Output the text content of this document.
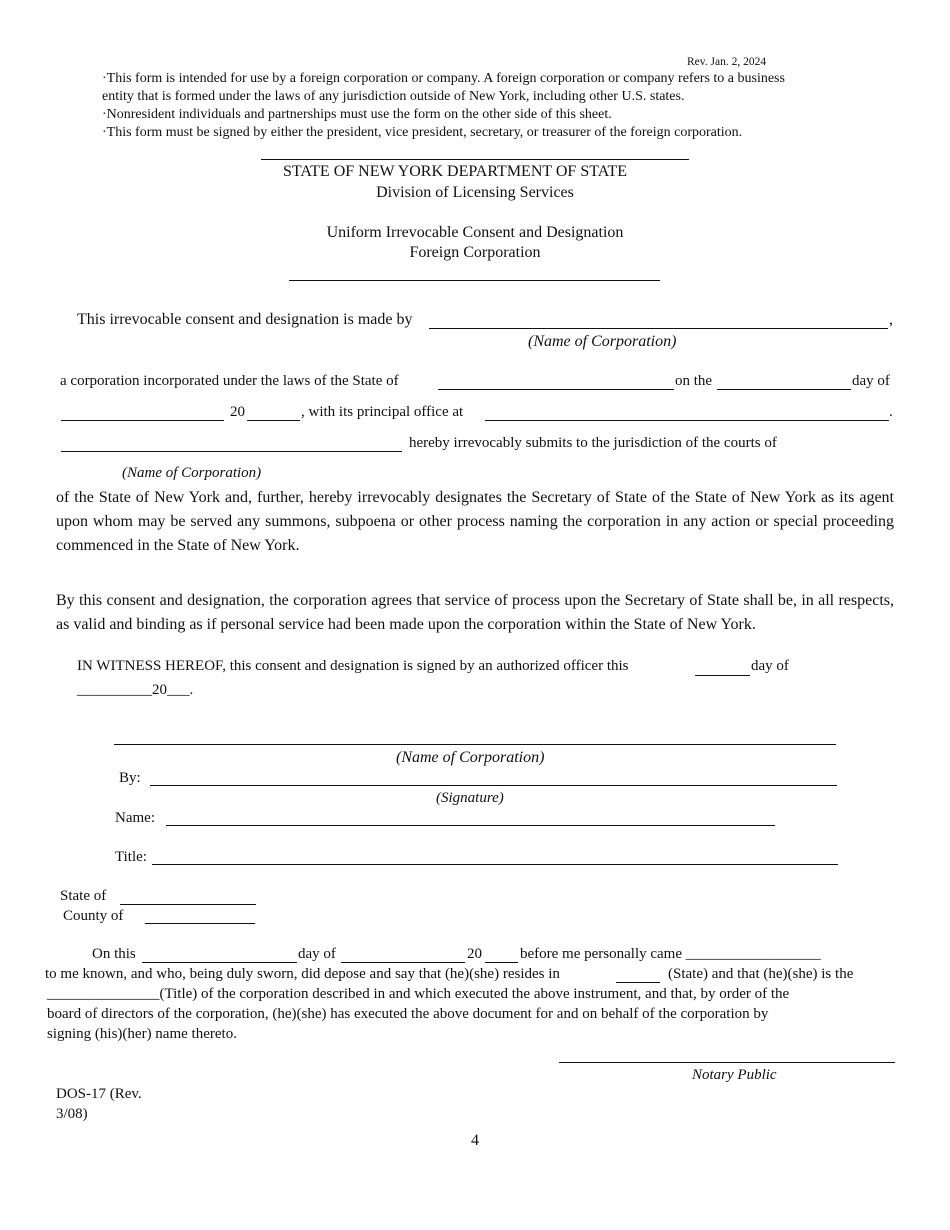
Rev. Jan. 2, 2024
·This form is intended for use by a foreign corporation or company. A foreign corporation or company refers to a business
entity that is formed under the laws of any jurisdiction outside of New York, including other U.S. states.
·Nonresident individuals and partnerships must use the form on the other side of this sheet.
·This form must be signed by either the president, vice president, secretary, or treasurer of the foreign corporation.
STATE OF NEW YORK DEPARTMENT OF STATE
Division of Licensing Services
Uniform Irrevocable Consent and Designation
Foreign Corporation
This irrevocable consent and designation is made by	,
(Name of Corporation)
a corporation incorporated under the laws of the State of	on the	day of
20	, with its principal office at	.
hereby irrevocably submits to the jurisdiction of the courts of
(Name of Corporation)
of the State of New York and, further, hereby irrevocably designates the Secretary of State of the State of New York as its agent upon whom may be served any summons, subpoena or other process naming the corporation in any action or special proceeding commenced in the State of New York.
By this consent and designation, the corporation agrees that service of process upon the Secretary of State shall be, in all respects, as valid and binding as if personal service had been made upon the corporation within the State of New York.
IN WITNESS HEREOF, this consent and designation is signed by an authorized officer this	day of
__________20___.
(Name of Corporation)
By:
(Signature)
Name:
Title:
State of
County of
On this	day of	20	before me personally came __________________
to me known, and who, being duly sworn, did depose and say that (he)(she) resides in	(State) and that (he)(she) is the
_______________(Title) of the corporation described in and which executed the above instrument, and that, by order of the
board of directors of the corporation, (he)(she) has executed the above document for and on behalf of the corporation by
signing (his)(her) name thereto.
Notary Public
DOS-17 (Rev.
3/08)
4
